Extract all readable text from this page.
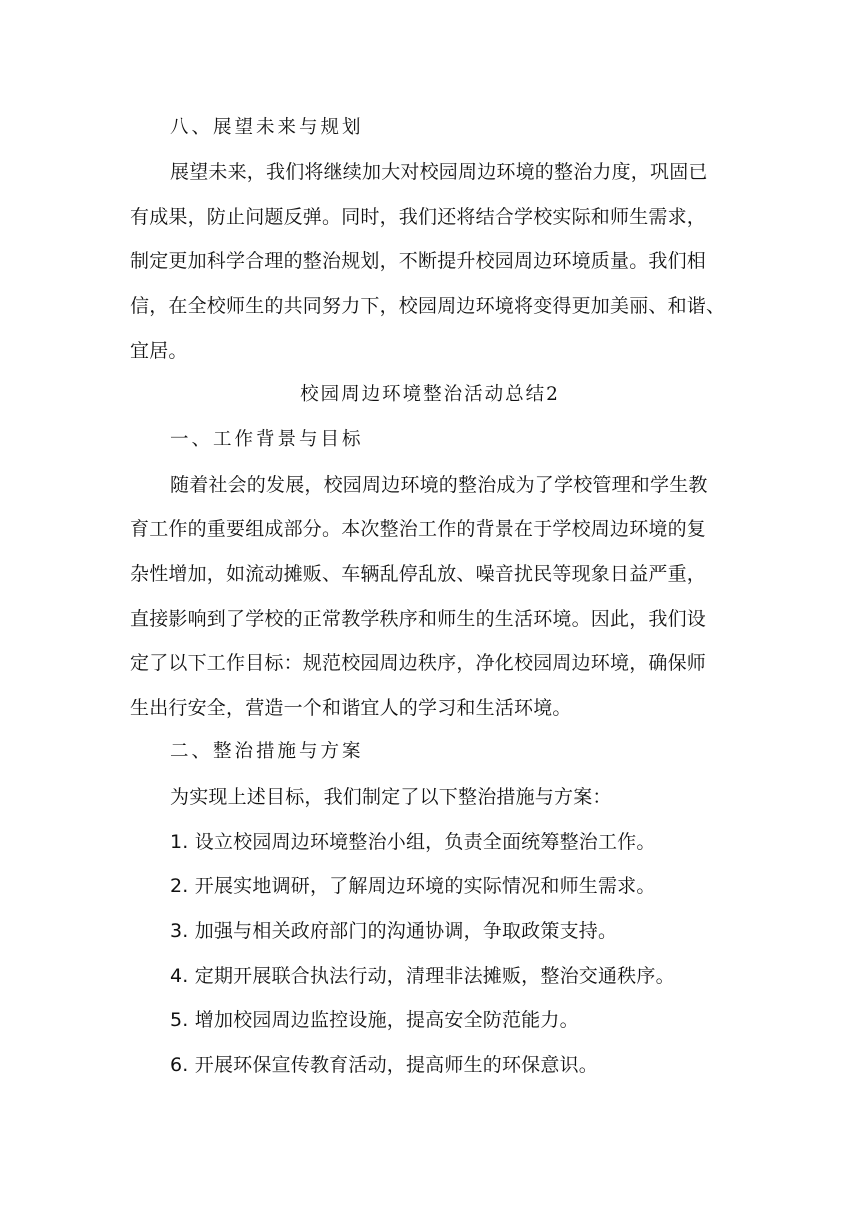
八、展望未来与规划
展望未来，我们将继续加大对校园周边环境的整治力度，巩固已
有成果，防止问题反弹。同时，我们还将结合学校实际和师生需求，
制定更加科学合理的整治规划，不断提升校园周边环境质量。我们相
信，在全校师生的共同努力下，校园周边环境将变得更加美丽、和谐、
宜居。
校园周边环境整治活动总结2
一、工作背景与目标
随着社会的发展，校园周边环境的整治成为了学校管理和学生教
育工作的重要组成部分。本次整治工作的背景在于学校周边环境的复
杂性增加，如流动摊贩、车辆乱停乱放、噪音扰民等现象日益严重，
直接影响到了学校的正常教学秩序和师生的生活环境。因此，我们设
定了以下工作目标：规范校园周边秩序，净化校园周边环境，确保师
生出行安全，营造一个和谐宜人的学习和生活环境。
二、整治措施与方案
为实现上述目标，我们制定了以下整治措施与方案：
1. 设立校园周边环境整治小组，负责全面统筹整治工作。
2. 开展实地调研，了解周边环境的实际情况和师生需求。
3. 加强与相关政府部门的沟通协调，争取政策支持。
4. 定期开展联合执法行动，清理非法摊贩，整治交通秩序。
5. 增加校园周边监控设施，提高安全防范能力。
6. 开展环保宣传教育活动，提高师生的环保意识。
